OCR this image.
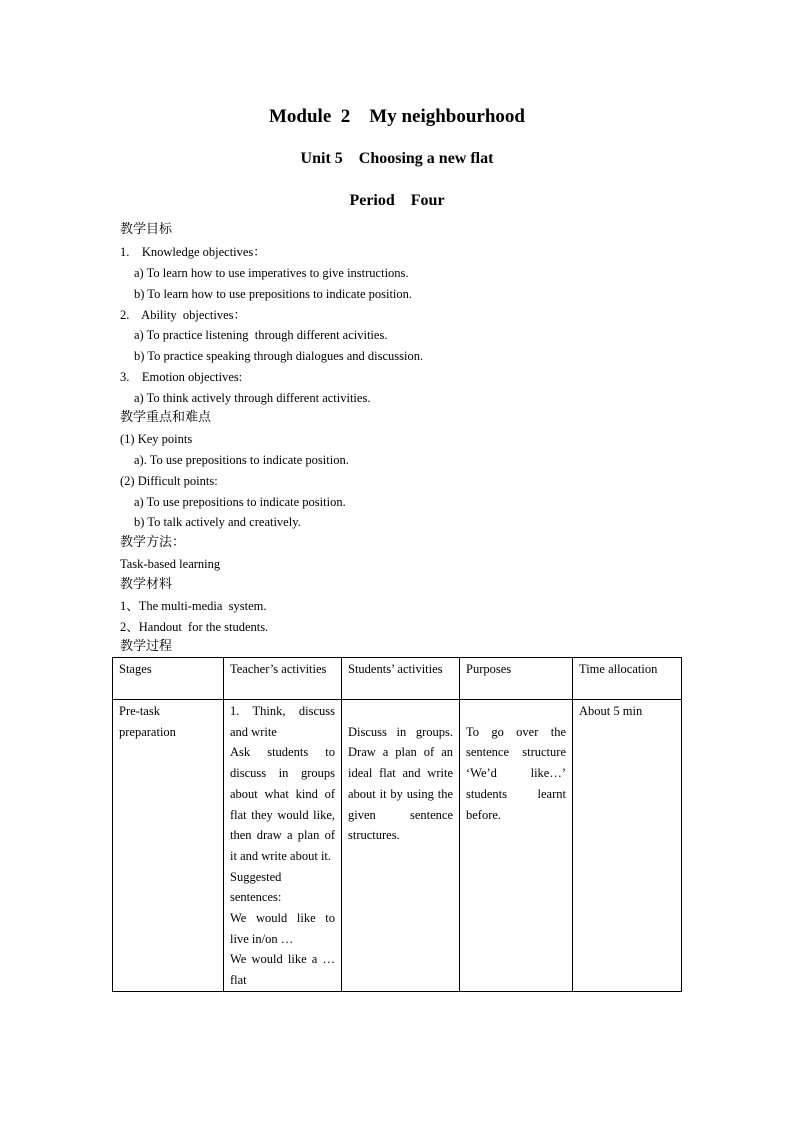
Module  2    My neighbourhood
Unit 5    Choosing a new flat
Period    Four
教学目标
1.    Knowledge objectives：
a) To learn how to use imperatives to give instructions.
b) To learn how to use prepositions to indicate position.
2.    Ability  objectives：
a) To practice listening  through different acivities.
b) To practice speaking through dialogues and discussion.
3.    Emotion objectives:
a) To think actively through different activities.
教学重点和难点
(1) Key points
a). To use prepositions to indicate position.
(2) Difficult points:
a) To use prepositions to indicate position.
b) To talk actively and creatively.
教学方法：
Task-based learning
教学材料
1、The multi-media  system.
2、Handout  for the students.
教学过程
Stages	Teacher’s activities	Students’ activities	Purposes	Time allocation
Pre-task preparation	1. Think, discuss and write
Ask students to discuss in groups about what kind of flat they would like, then draw a plan of it and write about it.
Suggested sentences:
We would like to live in/on …
We would like a …flat	Discuss in groups. Draw a plan of an ideal flat and write about it by using the given sentence structures.	To go over the sentence structure ‘We’d like…’ students learnt before.	About 5 min
